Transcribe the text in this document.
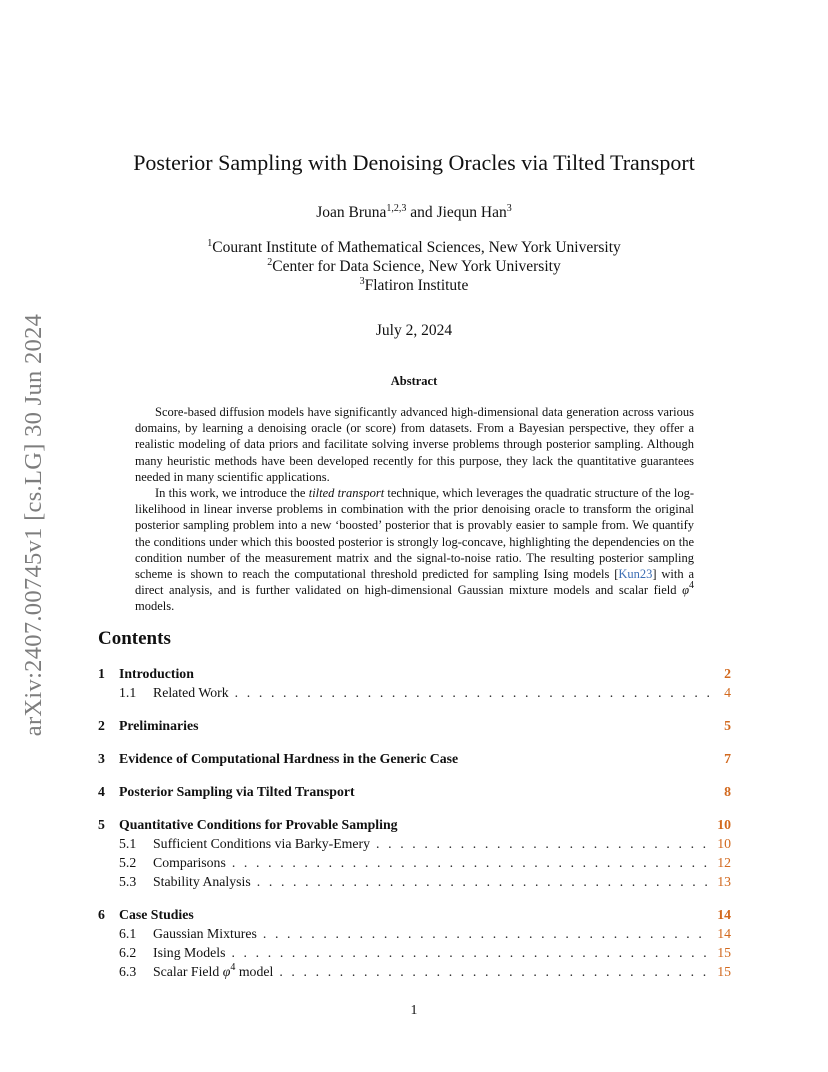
arXiv:2407.00745v1 [cs.LG] 30 Jun 2024
Posterior Sampling with Denoising Oracles via Tilted Transport
Joan Bruna$^{1,2,3}$ and Jiequn Han$^3$
$^1$Courant Institute of Mathematical Sciences, New York University
$^2$Center for Data Science, New York University
$^3$Flatiron Institute
July 2, 2024
Abstract

Score-based diffusion models have significantly advanced high-dimensional data generation across various domains, by learning a denoising oracle (or score) from datasets. From a Bayesian perspective, they offer a realistic modeling of data priors and facilitate solving inverse problems through posterior sampling. Although many heuristic methods have been developed recently for this purpose, they lack the quantitative guarantees needed in many scientific applications.

In this work, we introduce the tilted transport technique, which leverages the quadratic structure of the log-likelihood in linear inverse problems in combination with the prior denoising oracle to transform the original posterior sampling problem into a new ‘boosted’ posterior that is provably easier to sample from. We quantify the conditions under which this boosted posterior is strongly log-concave, highlighting the dependencies on the condition number of the measurement matrix and the signal-to-noise ratio. The resulting posterior sampling scheme is shown to reach the computational threshold predicted for sampling Ising models [Kun23] with a direct analysis, and is further validated on high-dimensional Gaussian mixture models and scalar field $\varphi^4$ models.

Contents
1	Introduction	2
1.1	Related Work . . .	4
2	Preliminaries	5
3	Evidence of Computational Hardness in the Generic Case	7
4	Posterior Sampling via Tilted Transport	8
5	Quantitative Conditions for Provable Sampling	10
5.1	Sufficient Conditions via Barky-Emery . . .	10
5.2	Comparisons . . .	12
5.3	Stability Analysis . . .	13
6	Case Studies	14
6.1	Gaussian Mixtures . . .	14
6.2	Ising Models . . .	15
6.3	Scalar Field $\varphi^4$ model . . .	15
1
